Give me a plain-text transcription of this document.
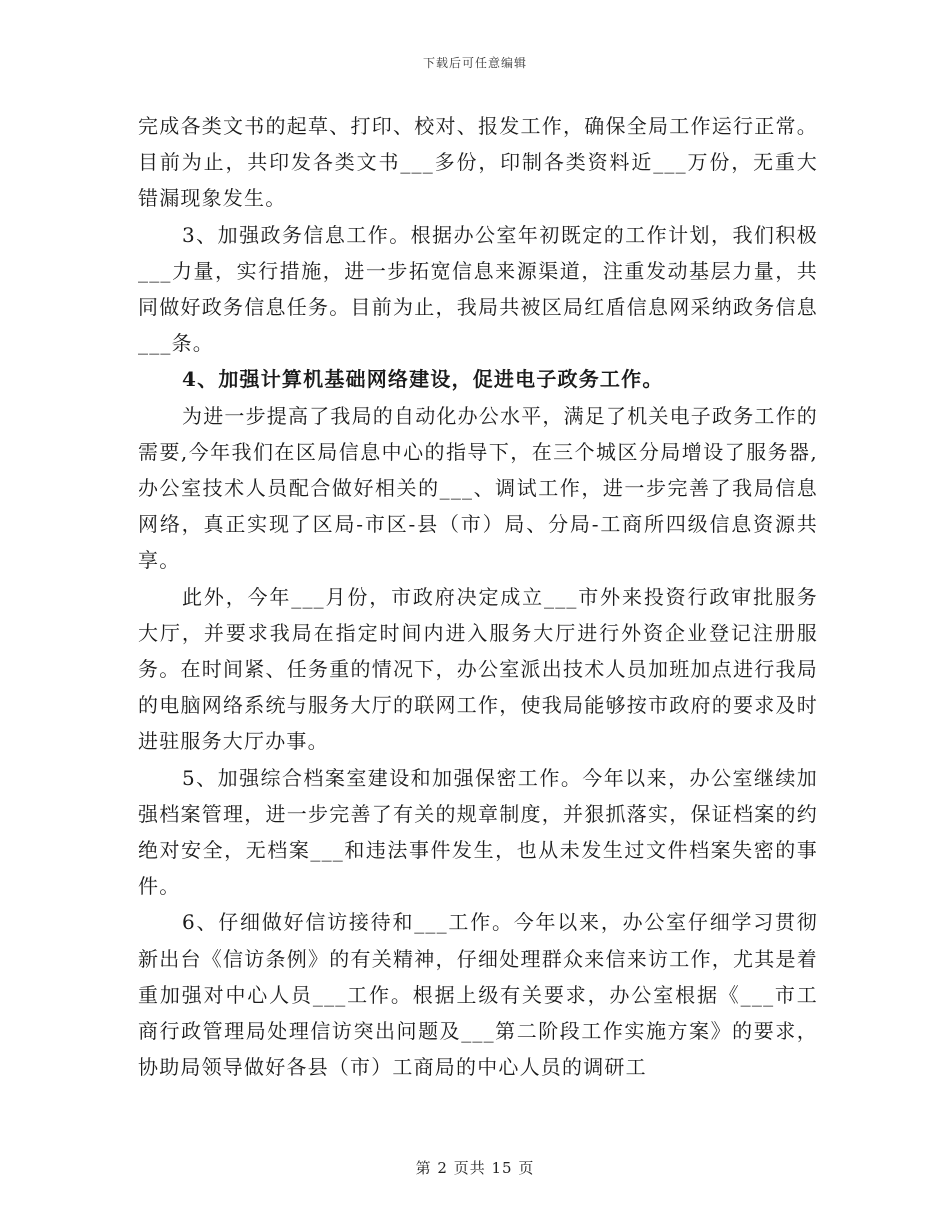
下载后可任意编辑

完成各类文书的起草、打印、校对、报发工作，确保全局工作运行正常。目前为止，共印发各类文书___多份，印制各类资料近___万份，无重大错漏现象发生。

3、加强政务信息工作。根据办公室年初既定的工作计划，我们积极___力量，实行措施，进一步拓宽信息来源渠道，注重发动基层力量，共同做好政务信息任务。目前为止，我局共被区局红盾信息网采纳政务信息___条。

4、加强计算机基础网络建设，促进电子政务工作。

为进一步提高了我局的自动化办公水平，满足了机关电子政务工作的需要,今年我们在区局信息中心的指导下，在三个城区分局增设了服务器,办公室技术人员配合做好相关的___、调试工作，进一步完善了我局信息网络，真正实现了区局-市区-县（市）局、分局-工商所四级信息资源共享。

此外，今年___月份，市政府决定成立___市外来投资行政审批服务大厅，并要求我局在指定时间内进入服务大厅进行外资企业登记注册服务。在时间紧、任务重的情况下，办公室派出技术人员加班加点进行我局的电脑网络系统与服务大厅的联网工作，使我局能够按市政府的要求及时进驻服务大厅办事。

5、加强综合档案室建设和加强保密工作。今年以来，办公室继续加强档案管理，进一步完善了有关的规章制度，并狠抓落实，保证档案的约绝对安全，无档案___和违法事件发生，也从未发生过文件档案失密的事件。

6、仔细做好信访接待和___工作。今年以来，办公室仔细学习贯彻新出台《信访条例》的有关精神，仔细处理群众来信来访工作，尤其是着重加强对中心人员___工作。根据上级有关要求，办公室根据《___市工商行政管理局处理信访突出问题及___第二阶段工作实施方案》的要求，协助局领导做好各县（市）工商局的中心人员的调研工

第 2 页共 15 页
